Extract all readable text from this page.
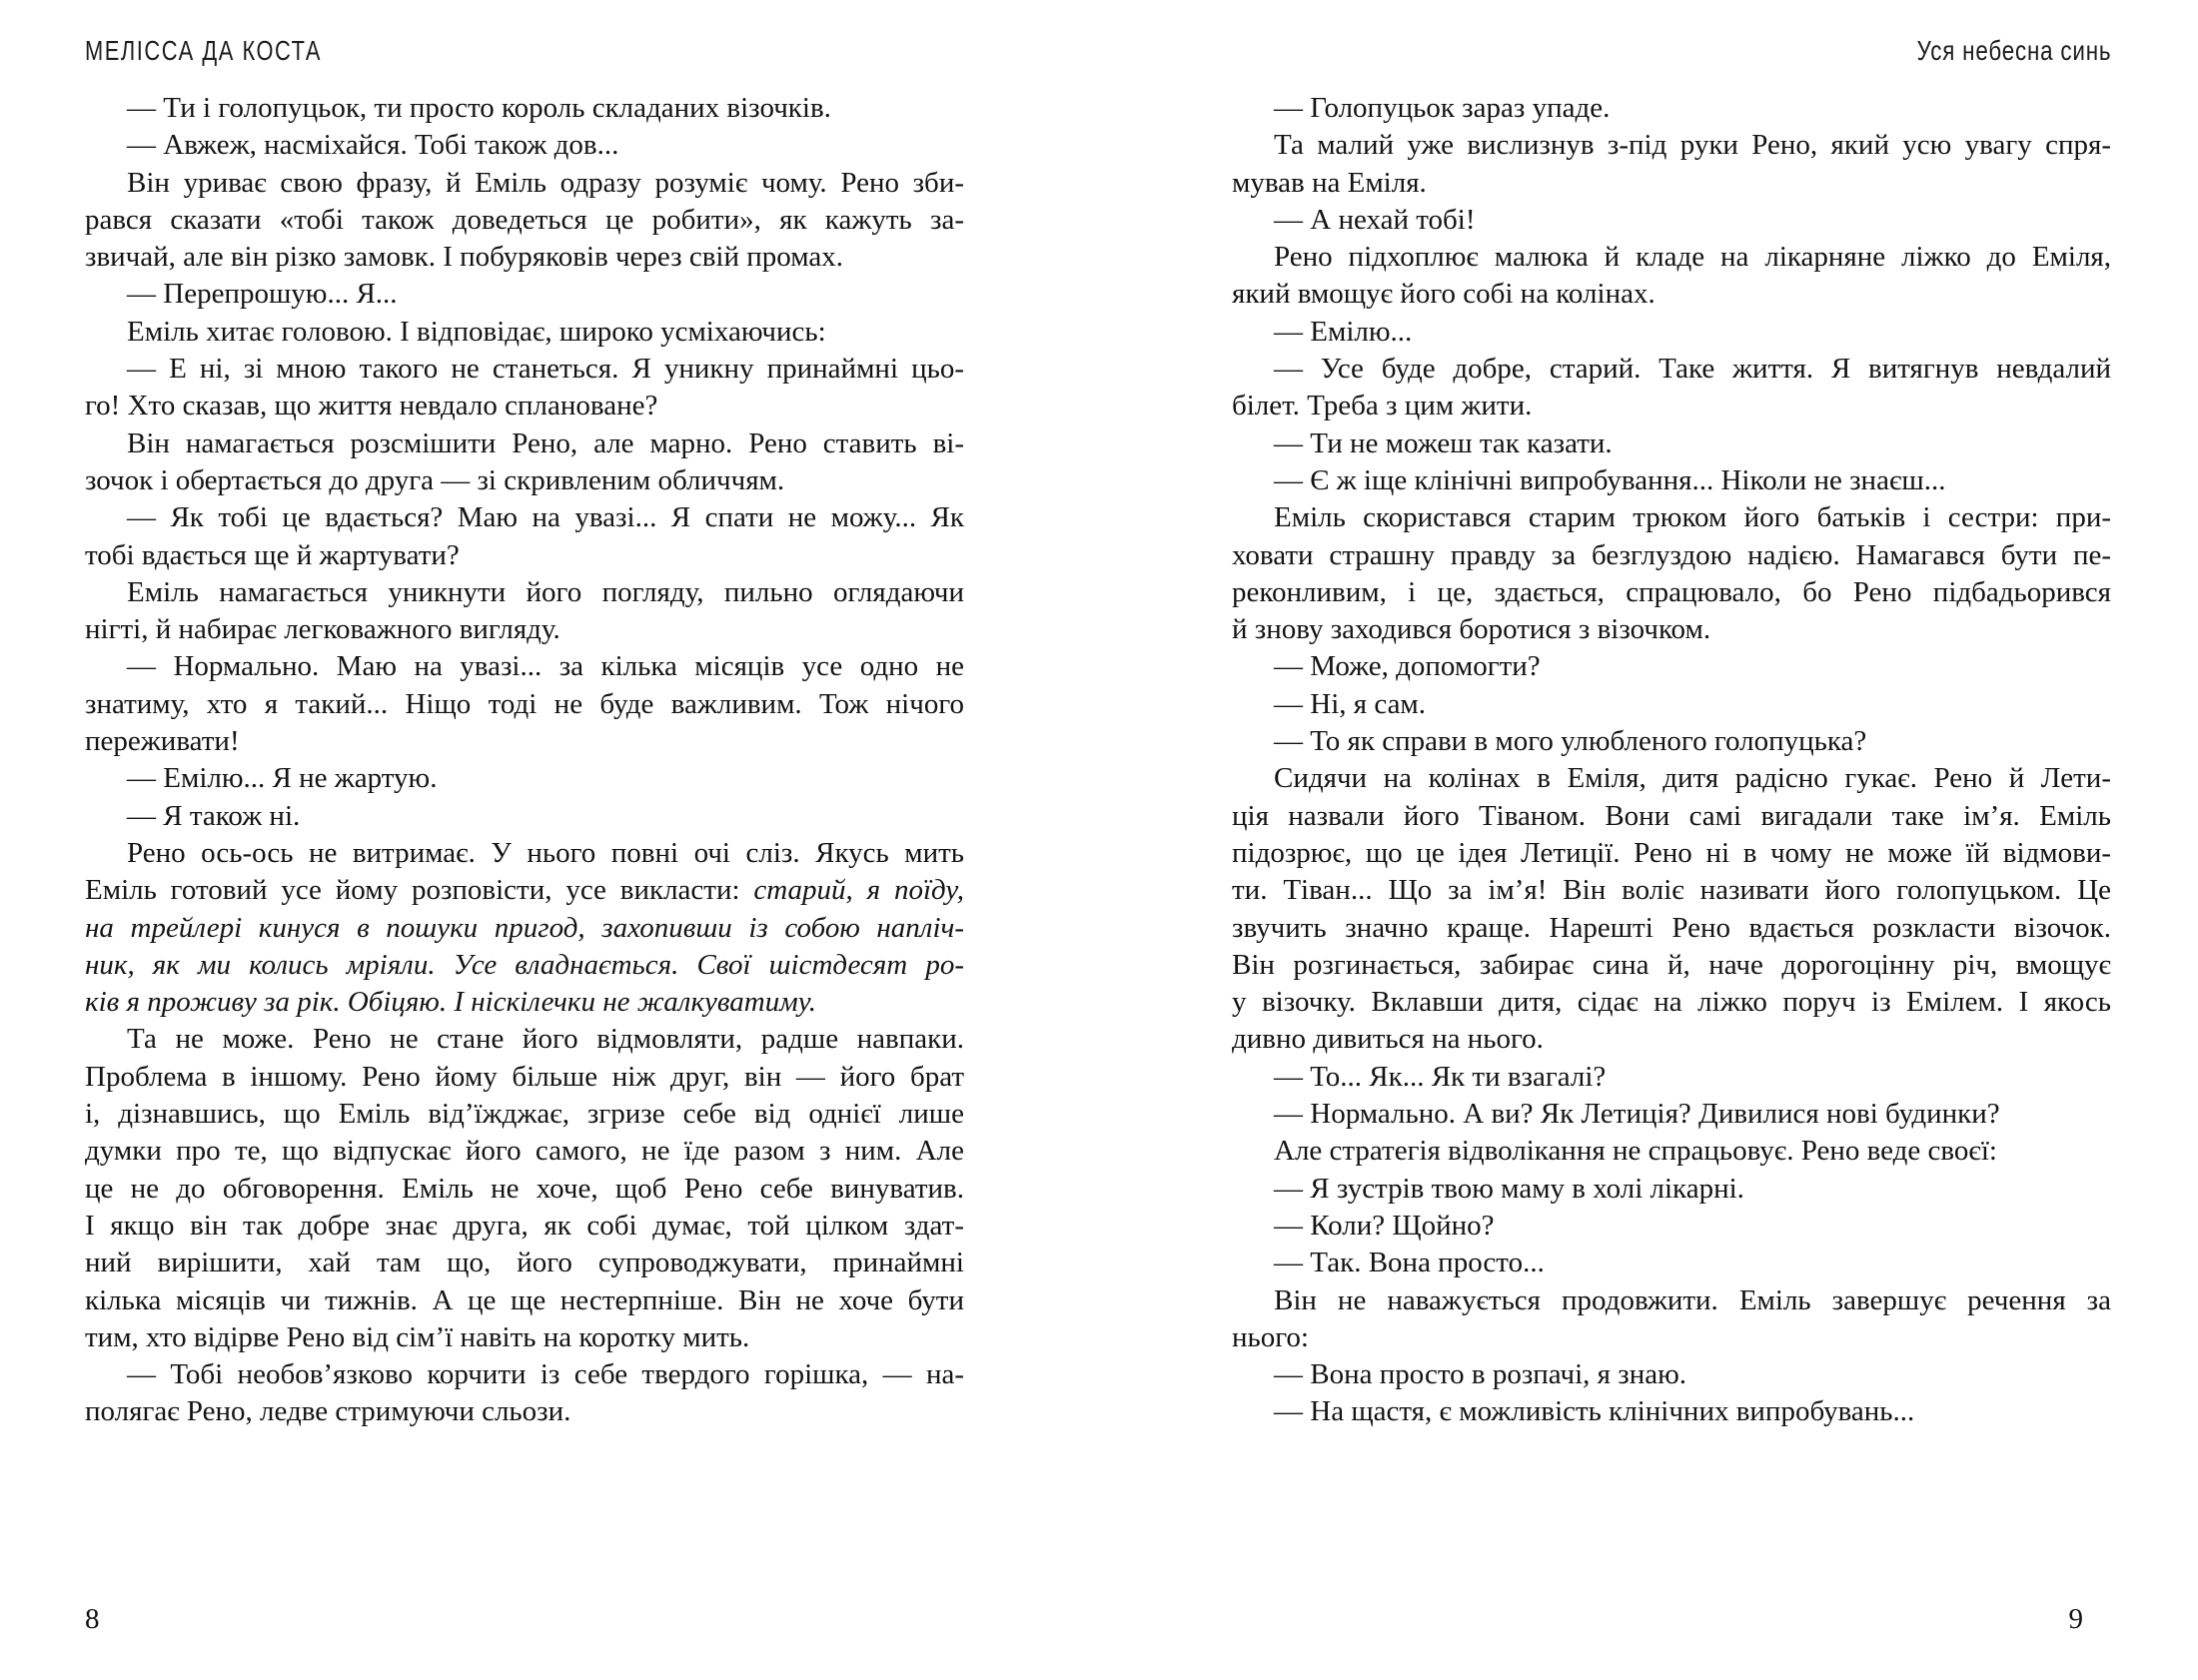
МЕЛІССА ДА КОСТА
— Ти і голопуцьок, ти просто король складаних візочків.
— Авжеж, насміхайся. Тобі також дов...
Він уриває свою фразу, й Еміль одразу розуміє чому. Рено зби-
рався сказати «тобі також доведеться це робити», як кажуть за-
звичай, але він різко замовк. І побуряковів через свій промах.
— Перепрошую... Я...
Еміль хитає головою. І відповідає, широко усміхаючись:
— Е ні, зі мною такого не станеться. Я уникну принаймні цьо-
го! Хто сказав, що життя невдало сплановане?
Він намагається розсмішити Рено, але марно. Рено ставить ві-
зочок і обертається до друга — зі скривленим обличчям.
— Як тобі це вдається? Маю на увазі... Я спати не можу... Як
тобі вдається ще й жартувати?
Еміль намагається уникнути його погляду, пильно оглядаючи
нігті, й набирає легковажного вигляду.
— Нормально. Маю на увазі... за кілька місяців усе одно не
знатиму, хто я такий... Ніщо тоді не буде важливим. Тож нічого
переживати!
— Емілю... Я не жартую.
— Я також ні.
Рено ось-ось не витримає. У нього повні очі сліз. Якусь мить
Еміль готовий усе йому розповісти, усе викласти: старий, я поїду,
на трейлері кинуся в пошуки пригод, захопивши із собою напліч-
ник, як ми колись мріяли. Усе владнається. Свої шістдесят ро-
ків я проживу за рік. Обіцяю. І ніскілечки не жалкуватиму.
Та не може. Рено не стане його відмовляти, радше навпаки.
Проблема в іншому. Рено йому більше ніж друг, він — його брат
і, дізнавшись, що Еміль від’їжджає, згризе себе від однієї лише
думки про те, що відпускає його самого, не їде разом з ним. Але
це не до обговорення. Еміль не хоче, щоб Рено себе винуватив.
І якщо він так добре знає друга, як собі думає, той цілком здат-
ний вирішити, хай там що, його супроводжувати, принаймні
кілька місяців чи тижнів. А це ще нестерпніше. Він не хоче бути
тим, хто відірве Рено від сім’ї навіть на коротку мить.
— Тобі необов’язково корчити із себе твердого горішка, — на-
полягає Рено, ледве стримуючи сльози.
8
Уся небесна синь
— Голопуцьок зараз упаде.
Та малий уже вислизнув з-під руки Рено, який усю увагу спря-
мував на Еміля.
— А нехай тобі!
Рено підхоплює малюка й кладе на лікарняне ліжко до Еміля,
який вмощує його собі на колінах.
— Емілю...
— Усе буде добре, старий. Таке життя. Я витягнув невдалий
білет. Треба з цим жити.
— Ти не можеш так казати.
— Є ж іще клінічні випробування... Ніколи не знаєш...
Еміль скористався старим трюком його батьків і сестри: при-
ховати страшну правду за безглуздою надією. Намагався бути пе-
реконливим, і це, здається, спрацювало, бо Рено підбадьорився
й знову заходився боротися з візочком.
— Може, допомогти?
— Ні, я сам.
— То як справи в мого улюбленого голопуцька?
Сидячи на колінах в Еміля, дитя радісно гукає. Рено й Лети-
ція назвали його Тіваном. Вони самі вигадали таке ім’я. Еміль
підозрює, що це ідея Летиції. Рено ні в чому не може їй відмови-
ти. Тіван... Що за ім’я! Він воліє називати його голопуцьком. Це
звучить значно краще. Нарешті Рено вдається розкласти візочок.
Він розгинається, забирає сина й, наче дорогоцінну річ, вмощує
у візочку. Вклавши дитя, сідає на ліжко поруч із Емілем. І якось
дивно дивиться на нього.
— То... Як... Як ти взагалі?
— Нормально. А ви? Як Летиція? Дивилися нові будинки?
Але стратегія відволікання не спрацьовує. Рено веде своєї:
— Я зустрів твою маму в холі лікарні.
— Коли? Щойно?
— Так. Вона просто...
Він не наважується продовжити. Еміль завершує речення за
нього:
— Вона просто в розпачі, я знаю.
— На щастя, є можливість клінічних випробувань...
9
